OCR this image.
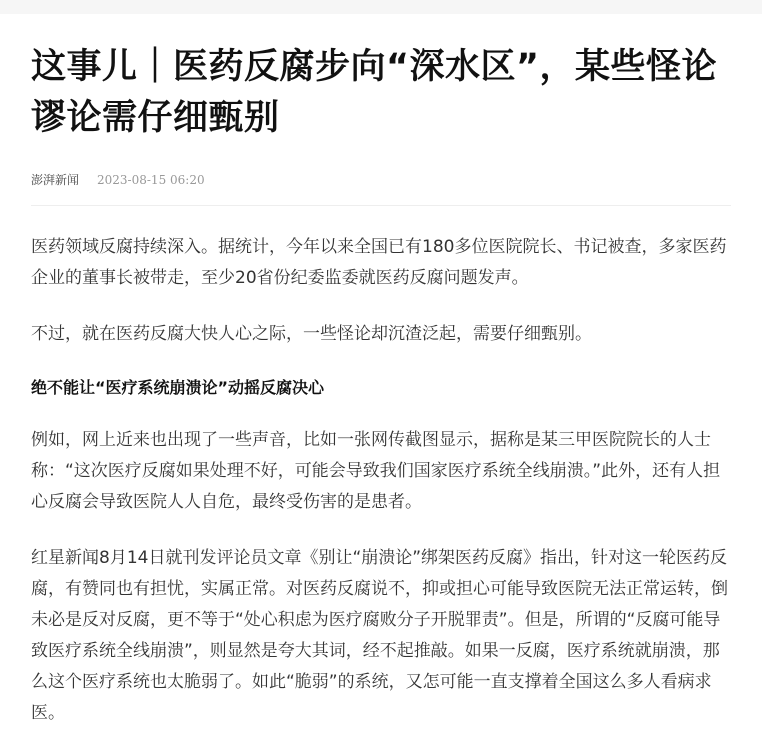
这事儿｜医药反腐步向“深水区”，某些怪论谬论需仔细甄别
澎湃新闻 2023-08-15 06:20

医药领域反腐持续深入。据统计，今年以来全国已有180多位医院院长、书记被查，多家医药企业的董事长被带走，至少20省份纪委监委就医药反腐问题发声。

不过，就在医药反腐大快人心之际，一些怪论却沉渣泛起，需要仔细甄别。

绝不能让“医疗系统崩溃论”动摇反腐决心

例如，网上近来也出现了一些声音，比如一张网传截图显示，据称是某三甲医院院长的人士称：“这次医疗反腐如果处理不好，可能会导致我们国家医疗系统全线崩溃。”此外，还有人担心反腐会导致医院人人自危，最终受伤害的是患者。

红星新闻8月14日就刊发评论员文章《别让“崩溃论”绑架医药反腐》指出，针对这一轮医药反腐，有赞同也有担忧，实属正常。对医药反腐说不，抑或担心可能导致医院无法正常运转，倒未必是反对反腐，更不等于“处心积虑为医疗腐败分子开脱罪责”。但是，所谓的“反腐可能导致医疗系统全线崩溃”，则显然是夸大其词，经不起推敲。如果一反腐，医疗系统就崩溃，那么这个医疗系统也太脆弱了。如此“脆弱”的系统，又怎可能一直支撑着全国这么多人看病求医。
